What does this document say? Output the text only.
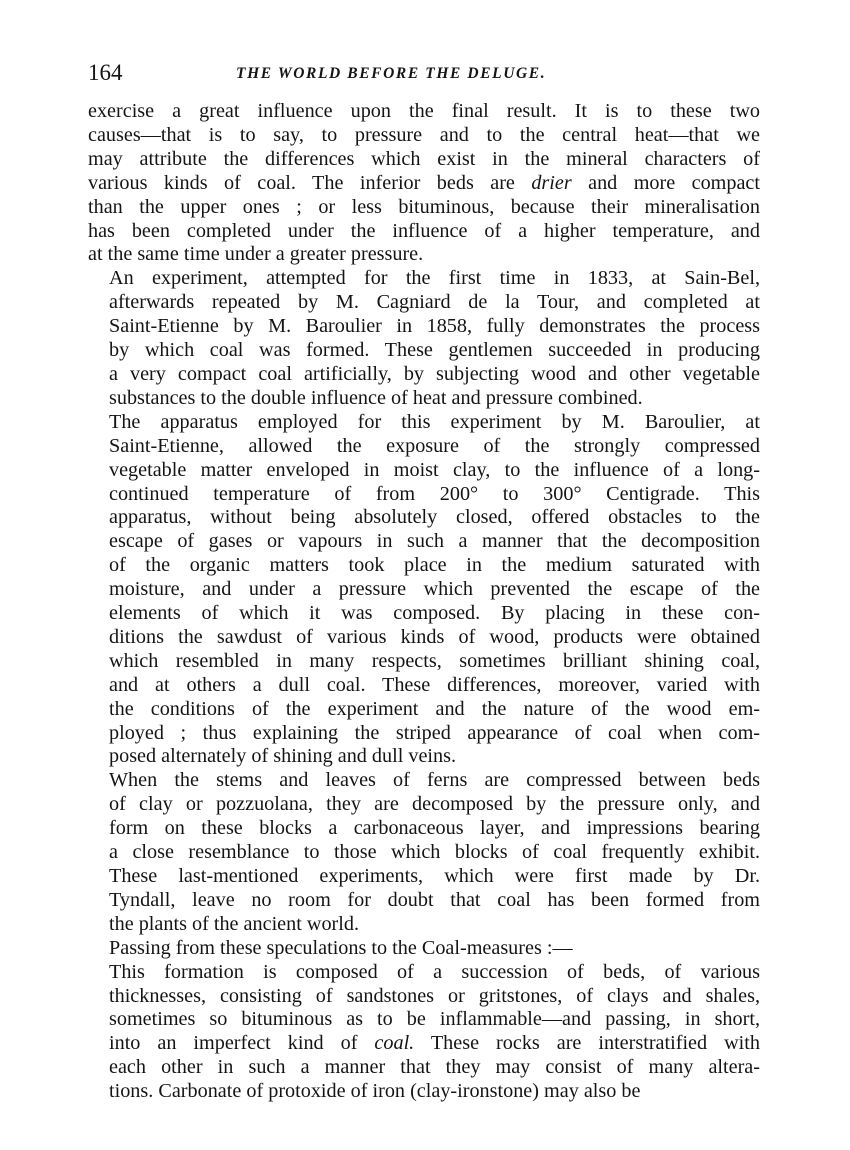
164	THE WORLD BEFORE THE DELUGE.

exercise a great influence upon the final result. It is to these two
causes—that is to say, to pressure and to the central heat—that we
may attribute the differences which exist in the mineral characters of
various kinds of coal. The inferior beds are drier and more compact
than the upper ones ; or less bituminous, because their mineralisation
has been completed under the influence of a higher temperature, and
at the same time under a greater pressure.

An experiment, attempted for the first time in 1833, at Sain-Bel,
afterwards repeated by M. Cagniard de la Tour, and completed at
Saint-Etienne by M. Baroulier in 1858, fully demonstrates the process
by which coal was formed. These gentlemen succeeded in producing
a very compact coal artificially, by subjecting wood and other vegetable
substances to the double influence of heat and pressure combined.

The apparatus employed for this experiment by M. Baroulier, at
Saint-Etienne, allowed the exposure of the strongly compressed
vegetable matter enveloped in moist clay, to the influence of a long-
continued temperature of from 200° to 300° Centigrade. This
apparatus, without being absolutely closed, offered obstacles to the
escape of gases or vapours in such a manner that the decomposition
of the organic matters took place in the medium saturated with
moisture, and under a pressure which prevented the escape of the
elements of which it was composed. By placing in these con-
ditions the sawdust of various kinds of wood, products were obtained
which resembled in many respects, sometimes brilliant shining coal,
and at others a dull coal. These differences, moreover, varied with
the conditions of the experiment and the nature of the wood em-
ployed ; thus explaining the striped appearance of coal when com-
posed alternately of shining and dull veins.

When the stems and leaves of ferns are compressed between beds
of clay or pozzuolana, they are decomposed by the pressure only, and
form on these blocks a carbonaceous layer, and impressions bearing
a close resemblance to those which blocks of coal frequently exhibit.
These last-mentioned experiments, which were first made by Dr.
Tyndall, leave no room for doubt that coal has been formed from
the plants of the ancient world.

Passing from these speculations to the Coal-measures :—

This formation is composed of a succession of beds, of various
thicknesses, consisting of sandstones or gritstones, of clays and shales,
sometimes so bituminous as to be inflammable—and passing, in short,
into an imperfect kind of coal. These rocks are interstratified with
each other in such a manner that they may consist of many altera-
tions. Carbonate of protoxide of iron (clay-ironstone) may also be
